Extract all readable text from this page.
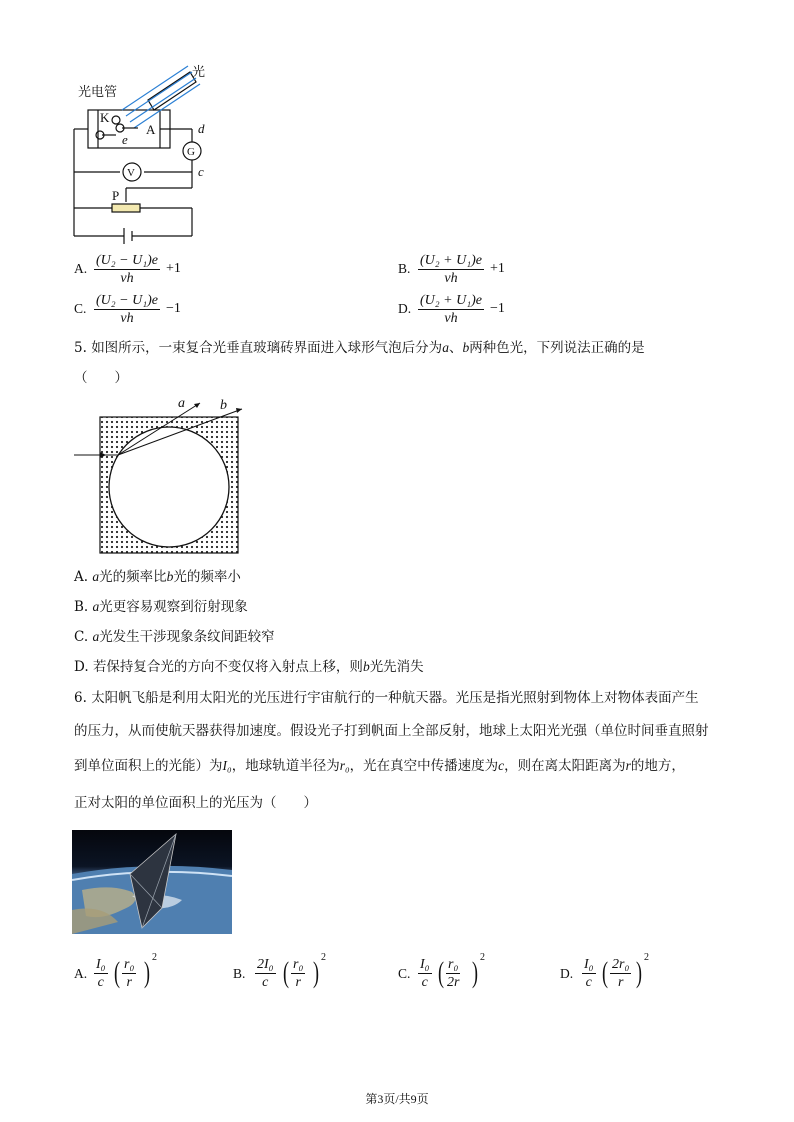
光
光电管
K
A
e
d
c
G
V
P
A. $\frac{\text{(U₂ − U₁)e}}{\nu h} +1$	B. $\frac{\text{(U₂ + U₁)e}}{\nu h} +1$
C. $\frac{\text{(U₂ − U₁)e}}{\nu h} -1$	D. $\frac{\text{(U₂ + U₁)e}}{\nu h} -1$
5. 如图所示，一束复合光垂直玻璃砖界面进入球形气泡后分为a、b两种色光，下列说法正确的是
（　　）
a	b
A. a光的频率比b光的频率小
B. a光更容易观察到衍射现象
C. a光发生干涉现象条纹间距较窄
D. 若保持复合光的方向不变仅将入射点上移，则b光先消失
6. 太阳帆飞船是利用太阳光的光压进行宇宙航行的一种航天器。光压是指光照射到物体上对物体表面产生
的压力，从而使航天器获得加速度。假设光子打到帆面上全部反射，地球上太阳光光强（单位时间垂直照射
到单位面积上的光能）为I₀，地球轨道半径为r₀，光在真空中传播速度为c，则在离太阳距离为r的地方，
正对太阳的单位面积上的光压为（　　）
A. $\frac{\text{I₀}}{c}$ ( $\frac{\text{r₀}}{r}$ ) 2
B. $\frac{\text{2I₀}}{c}$ ( $\frac{\text{r₀}}{r}$ ) 2
C. $\frac{\text{I₀}}{c}$ ( $\frac{\text{r₀}}{2r}$ ) 2
D. $\frac{\text{I₀}}{c}$ ( $\frac{\text{2r₀}}{r}$ ) 2
第3页/共9页
